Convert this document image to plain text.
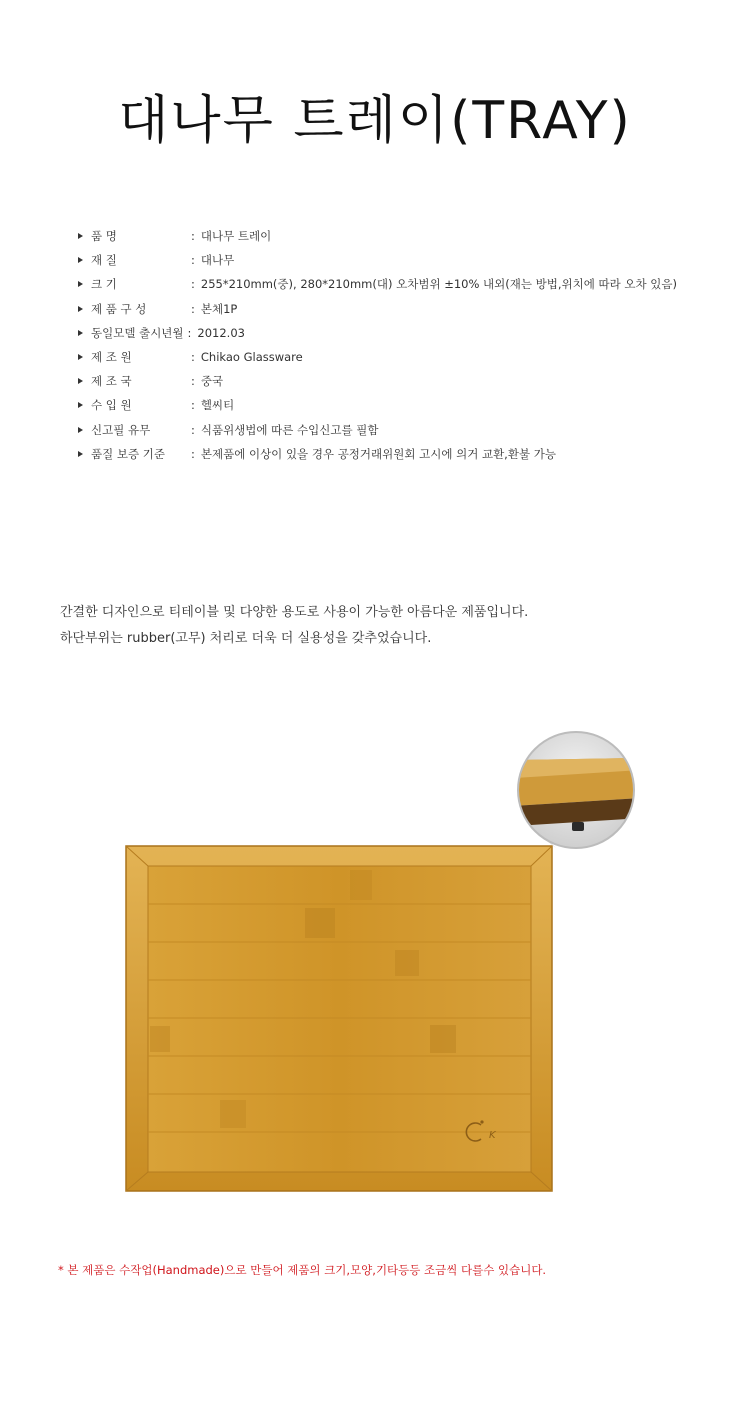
대나무 트레이(TRAY)
품 명	: 대나무 트레이
재 질	: 대나무
크 기	: 255*210mm(중), 280*210mm(대) 오차범위 ±10% 내외(재는 방법,위치에 따라 오차 있음)
제 품 구 성	: 본체1P
동일모델 출시년월 : 2012.03
제 조 원	: Chikao Glassware
제 조 국	: 중국
수 입 원	: 헬씨티
신고필 유무	: 식품위생법에 따른 수입신고를 필함
품질 보증 기준	: 본제품에 이상이 있을 경우 공정거래위원회 고시에 의거 교환,환불 가능

간결한 디자인으로 티테이블 및 다양한 용도로 사용이 가능한 아름다운 제품입니다.

하단부위는 rubber(고무) 처리로 더욱 더 실용성을 갖추었습니다.

K
* 본 제품은 수작업(Handmade)으로 만들어 제품의 크기,모양,기타등등 조금씩 다를수 있습니다.
